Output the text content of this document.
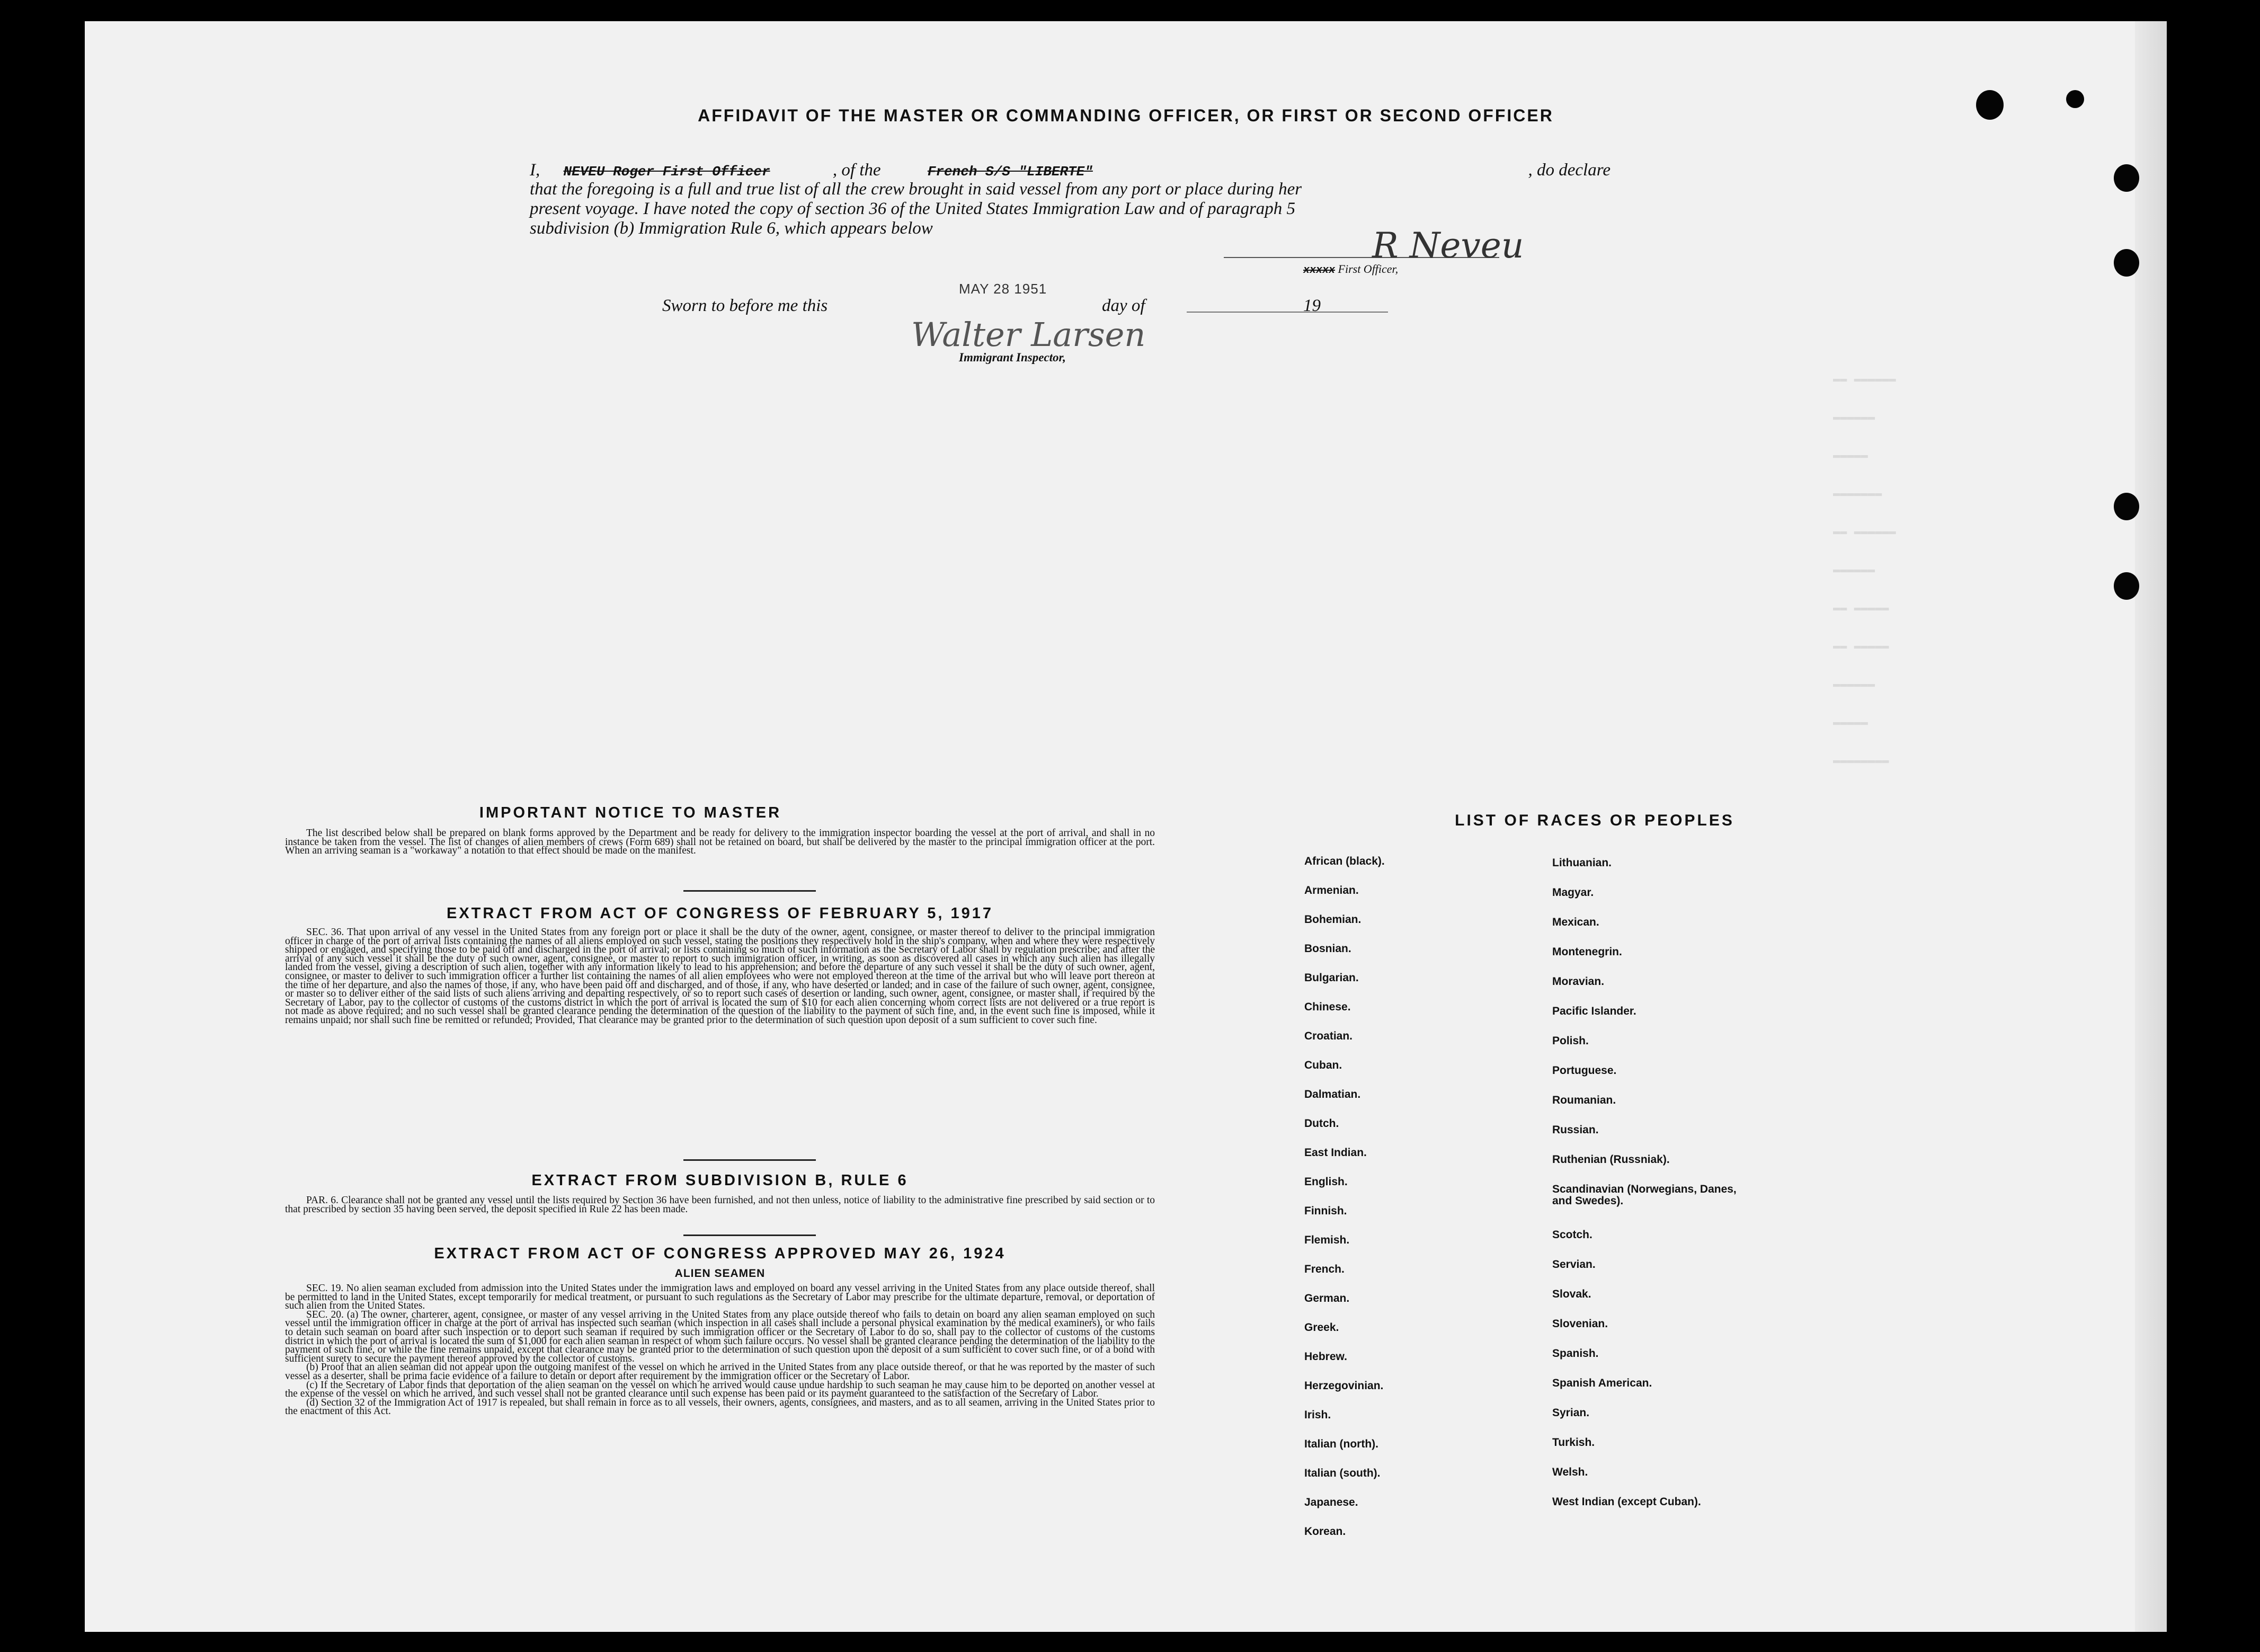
▬▬ ▬▬▬▬▬▬
▬▬▬▬▬▬
▬▬▬▬▬
▬▬▬▬▬▬▬
▬▬ ▬▬▬▬▬▬
▬▬▬▬▬▬
▬▬ ▬▬▬▬▬
▬▬ ▬▬▬▬▬
▬▬▬▬▬▬
▬▬▬▬▬
▬▬▬▬▬▬▬▬
AFFIDAVIT OF THE MASTER OR COMMANDING OFFICER, OR FIRST OR SECOND OFFICER
I, NEVEU Roger First Officer	, of the	French S/S "LIBERTE"	, do declare
that the foregoing is a full and true list of all the crew brought in said vessel from any port or place during her
present voyage. I have noted the copy of section 36 of the United States Immigration Law and of paragraph 5
subdivision (b) Immigration Rule 6, which appears below	R Neveu
xxxxx First Officer,
Sworn to before me this
MAY 28 1951
day of	19
Walter Larsen
Immigrant Inspector,
IMPORTANT NOTICE TO MASTER

The list described below shall be prepared on blank forms approved by the Department and be ready for delivery to the immigration inspector boarding the vessel at the port of arrival, and shall in no instance be taken from the vessel. The list of changes of alien members of crews (Form 689) shall not be retained on board, but shall be delivered by the master to the principal immigration officer at the port. When an arriving seaman is a "workaway" a notation to that effect should be made on the manifest.

EXTRACT FROM ACT OF CONGRESS OF FEBRUARY 5, 1917

SEC. 36. That upon arrival of any vessel in the United States from any foreign port or place it shall be the duty of the owner, agent, consignee, or master thereof to deliver to the principal immigration officer in charge of the port of arrival lists containing the names of all aliens employed on such vessel, stating the positions they respectively hold in the ship's company, when and where they were respectively shipped or engaged, and specifying those to be paid off and discharged in the port of arrival; or lists containing so much of such information as the Secretary of Labor shall by regulation prescribe; and after the arrival of any such vessel it shall be the duty of such owner, agent, consignee, or master to report to such immigration officer, in writing, as soon as discovered all cases in which any such alien has illegally landed from the vessel, giving a description of such alien, together with any information likely to lead to his apprehension; and before the departure of any such vessel it shall be the duty of such owner, agent, consignee, or master to deliver to such immigration officer a further list containing the names of all alien employees who were not employed thereon at the time of the arrival but who will leave port thereon at the time of her departure, and also the names of those, if any, who have been paid off and discharged, and of those, if any, who have deserted or landed; and in case of the failure of such owner, agent, consignee, or master so to deliver either of the said lists of such aliens arriving and departing respectively, or so to report such cases of desertion or landing, such owner, agent, consignee, or master shall, if required by the Secretary of Labor, pay to the collector of customs of the customs district in which the port of arrival is located the sum of $10 for each alien concerning whom correct lists are not delivered or a true report is not made as above required; and no such vessel shall be granted clearance pending the determination of the question of the liability to the payment of such fine, and, in the event such fine is imposed, while it remains unpaid; nor shall such fine be remitted or refunded; Provided, That clearance may be granted prior to the determination of such question upon deposit of a sum sufficient to cover such fine.

EXTRACT FROM SUBDIVISION B, RULE 6

PAR. 6. Clearance shall not be granted any vessel until the lists required by Section 36 have been furnished, and not then unless, notice of liability to the administrative fine prescribed by said section or to that prescribed by section 35 having been served, the deposit specified in Rule 22 has been made.

EXTRACT FROM ACT OF CONGRESS APPROVED MAY 26, 1924
ALIEN SEAMEN

SEC. 19. No alien seaman excluded from admission into the United States under the immigration laws and employed on board any vessel arriving in the United States from any place outside thereof, shall be permitted to land in the United States, except temporarily for medical treatment, or pursuant to such regulations as the Secretary of Labor may prescribe for the ultimate departure, removal, or deportation of such alien from the United States.

SEC. 20. (a) The owner, charterer, agent, consignee, or master of any vessel arriving in the United States from any place outside thereof who fails to detain on board any alien seaman employed on such vessel until the immigration officer in charge at the port of arrival has inspected such seaman (which inspection in all cases shall include a personal physical examination by the medical examiners), or who fails to detain such seaman on board after such inspection or to deport such seaman if required by such immigration officer or the Secretary of Labor to do so, shall pay to the collector of customs of the customs district in which the port of arrival is located the sum of $1,000 for each alien seaman in respect of whom such failure occurs. No vessel shall be granted clearance pending the determination of the liability to the payment of such fine, or while the fine remains unpaid, except that clearance may be granted prior to the determination of such question upon the deposit of a sum sufficient to cover such fine, or of a bond with sufficient surety to secure the payment thereof approved by the collector of customs.

(b) Proof that an alien seaman did not appear upon the outgoing manifest of the vessel on which he arrived in the United States from any place outside thereof, or that he was reported by the master of such vessel as a deserter, shall be prima facie evidence of a failure to detain or deport after requirement by the immigration officer or the Secretary of Labor.

(c) If the Secretary of Labor finds that deportation of the alien seaman on the vessel on which he arrived would cause undue hardship to such seaman he may cause him to be deported on another vessel at the expense of the vessel on which he arrived, and such vessel shall not be granted clearance until such expense has been paid or its payment guaranteed to the satisfaction of the Secretary of Labor.

(d) Section 32 of the Immigration Act of 1917 is repealed, but shall remain in force as to all vessels, their owners, agents, consignees, and masters, and as to all seamen, arriving in the United States prior to the enactment of this Act.

LIST OF RACES OR PEOPLES
African (black).
Armenian.
Bohemian.
Bosnian.
Bulgarian.
Chinese.
Croatian.
Cuban.
Dalmatian.
Dutch.
East Indian.
English.
Finnish.
Flemish.
French.
German.
Greek.
Hebrew.
Herzegovinian.
Irish.
Italian (north).
Italian (south).
Japanese.
Korean.
Lithuanian.
Magyar.
Mexican.
Montenegrin.
Moravian.
Pacific Islander.
Polish.
Portuguese.
Roumanian.
Russian.
Ruthenian (Russniak).
Scandinavian (Norwegians, Danes, and Swedes).
Scotch.
Servian.
Slovak.
Slovenian.
Spanish.
Spanish American.
Syrian.
Turkish.
Welsh.
West Indian (except Cuban).
